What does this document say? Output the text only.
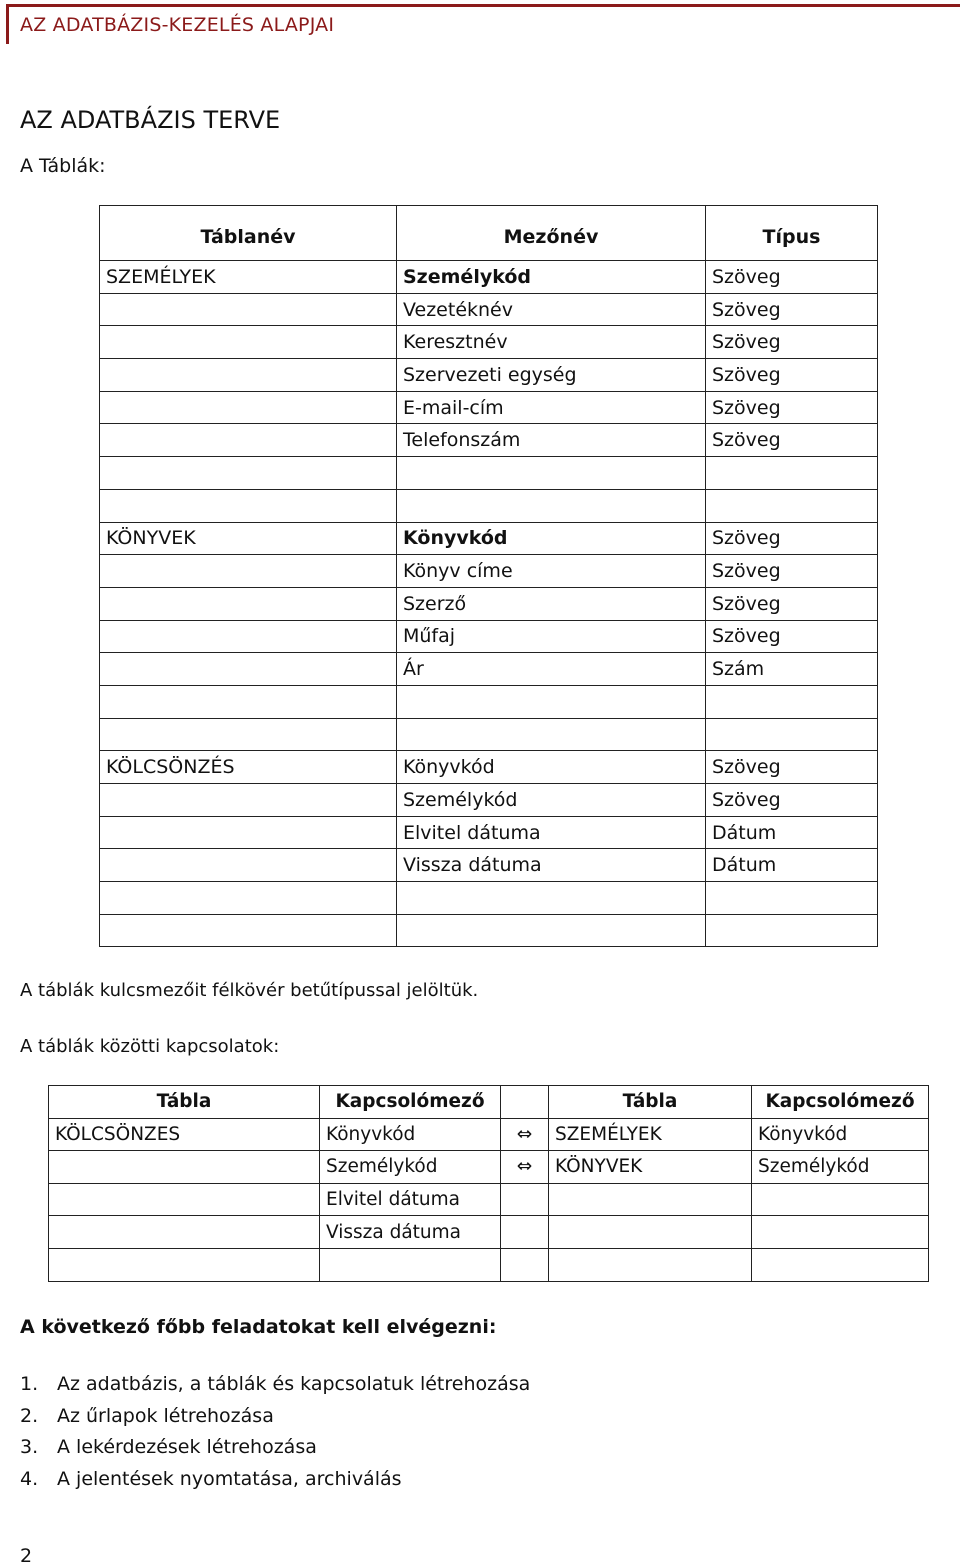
AZ ADATBÁZIS-KEZELÉS ALAPJAI
AZ ADATBÁZIS TERVE
A Táblák:
Táblanév	Mezőnév	Típus
SZEMÉLYEK	Személykód	Szöveg
	Vezetéknév	Szöveg
	Keresztnév	Szöveg
	Szervezeti egység	Szöveg
	E-mail-cím	Szöveg
	Telefonszám	Szöveg

KÖNYVEK	Könyvkód	Szöveg
	Könyv címe	Szöveg
	Szerző	Szöveg
	Műfaj	Szöveg
	Ár	Szám

KÖLCSÖNZÉS	Könyvkód	Szöveg
	Személykód	Szöveg
	Elvitel dátuma	Dátum
	Vissza dátuma	Dátum

A táblák kulcsmezőit félkövér betűtípussal jelöltük.
A táblák közötti kapcsolatok:
Tábla	Kapcsolómező		Tábla	Kapcsolómező
KÖLCSÖNZES	Könyvkód	⇔	SZEMÉLYEK	Könyvkód
	Személykód	⇔	KÖNYVEK	Személykód
	Elvitel dátuma			
	Vissza dátuma			

A következő főbb feladatokat kell elvégezni:
1. Az adatbázis, a táblák és kapcsolatuk létrehozása
2. Az űrlapok létrehozása
3. A lekérdezések létrehozása
4. A jelentések nyomtatása, archiválás
2
